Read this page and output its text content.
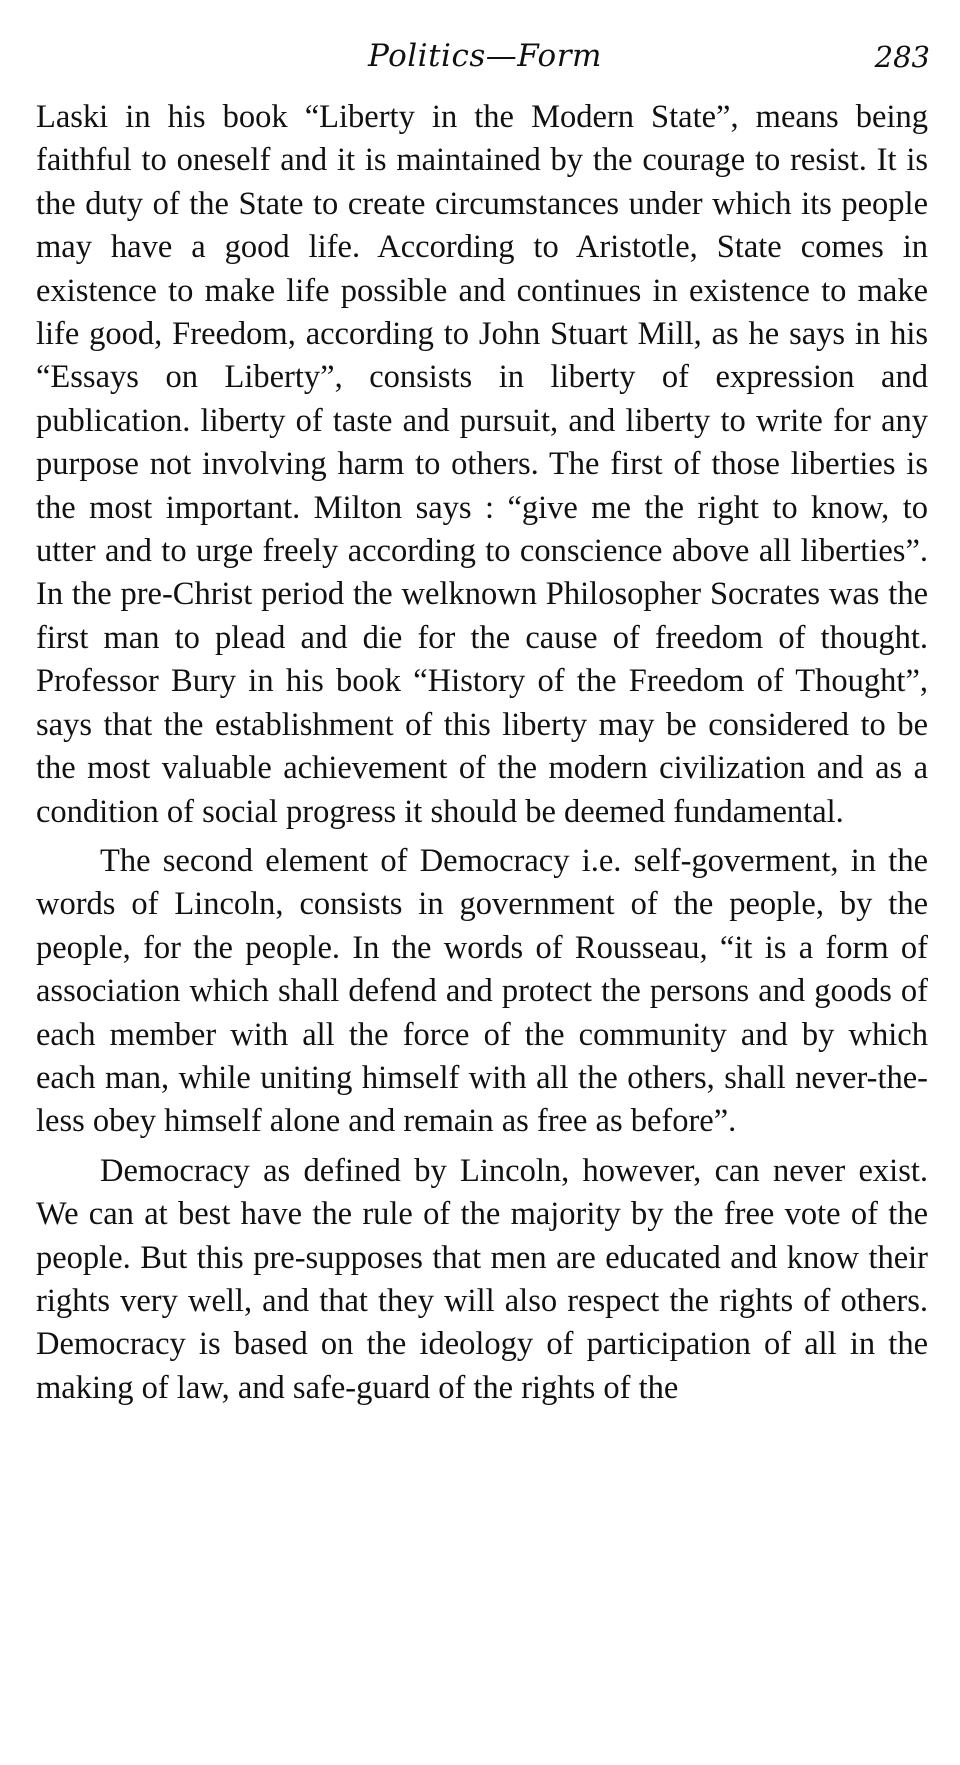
Politics—Form	283

Laski in his book “Liberty in the Modern State”, means being faithful to oneself and it is maintained by the courage to resist. It is the duty of the State to create circumstances under which its people may have a good life. According to Aristotle, State comes in existence to make life possible and continues in existence to make life good, Freedom, according to John Stuart Mill, as he says in his “Essays on Liberty”, consists in liberty of expression and publication. liberty of taste and pursuit, and liberty to write for any purpose not involving harm to others. The first of those liberties is the most important. Milton says : “give me the right to know, to utter and to urge freely according to conscience above all liberties”. In the pre-Christ period the welknown Philosopher Socrates was the first man to plead and die for the cause of freedom of thought. Professor Bury in his book “History of the Freedom of Thought”, says that the establishment of this liberty may be considered to be the most valuable achievement of the modern civilization and as a condition of social progress it should be deemed fundamental.

The second element of Democracy i.e. self-goverment, in the words of Lincoln, consists in government of the people, by the people, for the people. In the words of Rousseau, “it is a form of association which shall defend and protect the persons and goods of each member with all the force of the community and by which each man, while uniting himself with all the others, shall never-the-less obey himself alone and remain as free as before”.

Democracy as defined by Lincoln, however, can never exist. We can at best have the rule of the majority by the free vote of the people. But this pre-supposes that men are educated and know their rights very well, and that they will also respect the rights of others. Democracy is based on the ideology of participation of all in the making of law, and safe-guard of the rights of the
